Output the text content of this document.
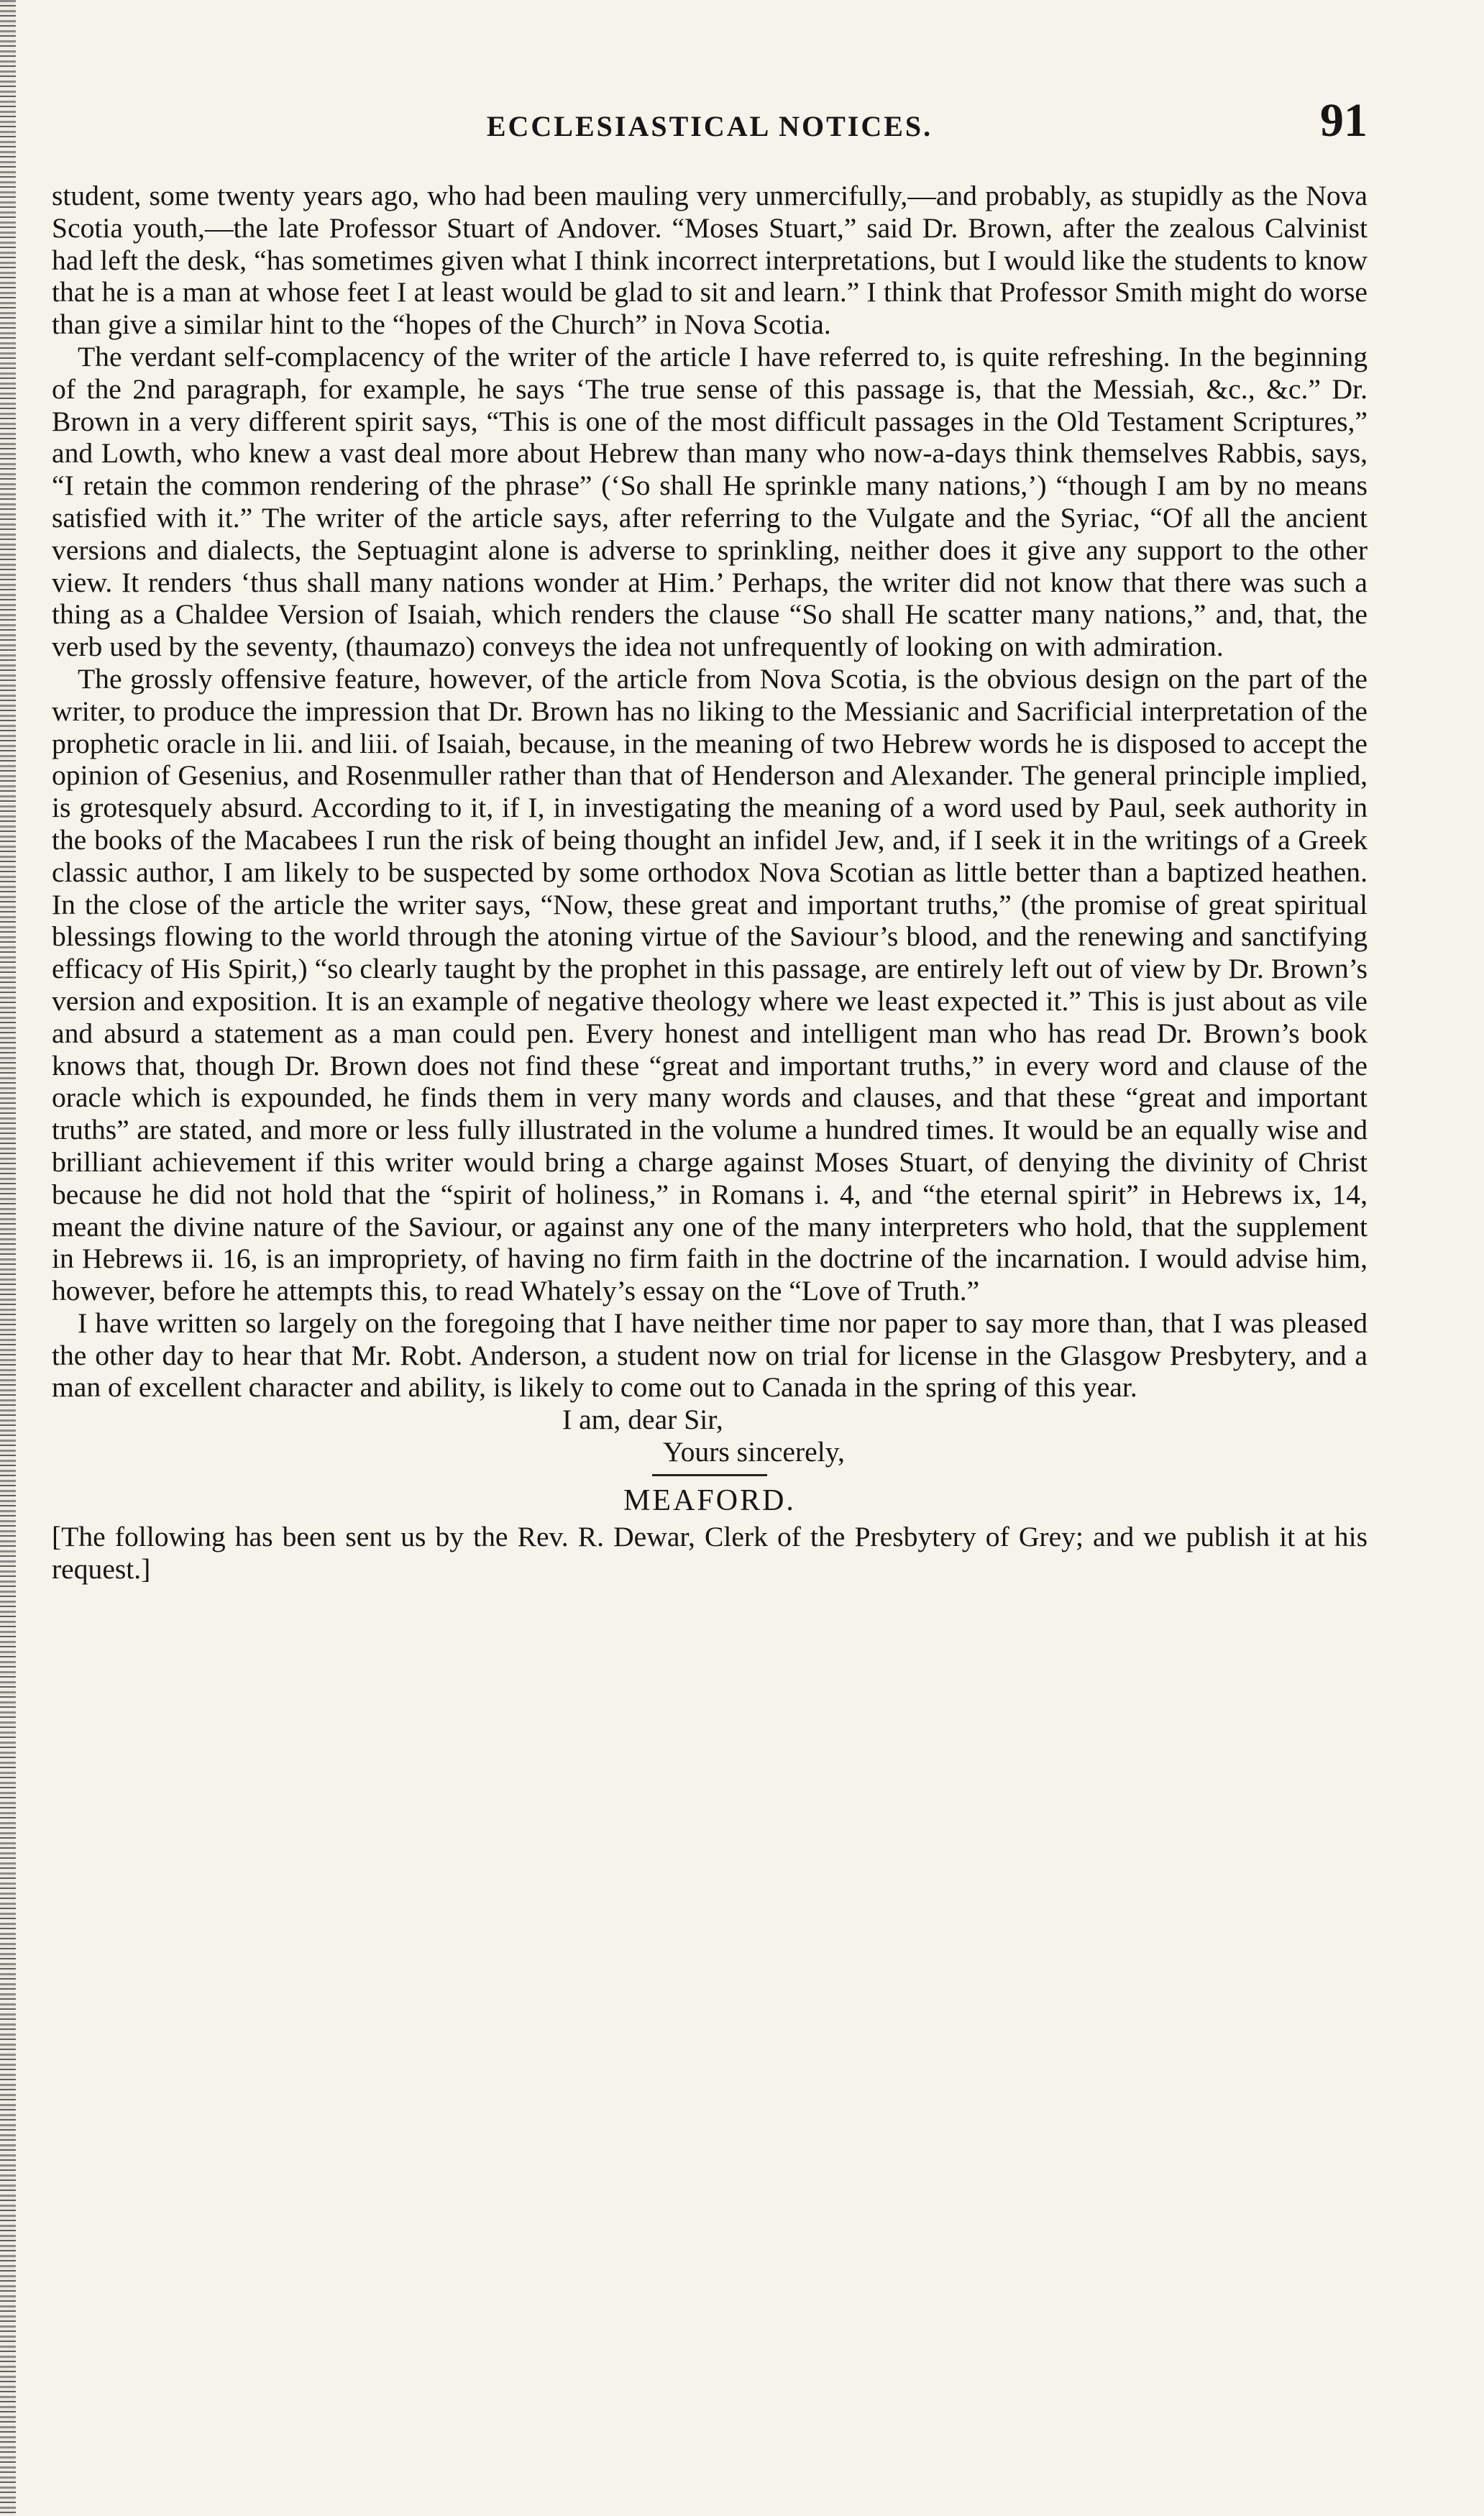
ECCLESIASTICAL NOTICES.	91

student, some twenty years ago, who had been mauling very unmercifully,—and probably, as stupidly as the Nova Scotia youth,—the late Professor Stuart of Andover. “Moses Stuart,” said Dr. Brown, after the zealous Calvinist had left the desk, “has sometimes given what I think incorrect interpretations, but I would like the students to know that he is a man at whose feet I at least would be glad to sit and learn.” I think that Professor Smith might do worse than give a similar hint to the “hopes of the Church” in Nova Scotia.

The verdant self-complacency of the writer of the article I have referred to, is quite refreshing. In the beginning of the 2nd paragraph, for example, he says ‘The true sense of this passage is, that the Messiah, &c., &c.” Dr. Brown in a very different spirit says, “This is one of the most difficult passages in the Old Testament Scriptures,” and Lowth, who knew a vast deal more about Hebrew than many who now-a-days think themselves Rabbis, says, “I retain the common rendering of the phrase” (‘So shall He sprinkle many nations,’) “though I am by no means satisfied with it.” The writer of the article says, after referring to the Vulgate and the Syriac, “Of all the ancient versions and dialects, the Septuagint alone is adverse to sprinkling, neither does it give any support to the other view. It renders ‘thus shall many nations wonder at Him.’ Perhaps, the writer did not know that there was such a thing as a Chaldee Version of Isaiah, which renders the clause “So shall He scatter many nations,” and, that, the verb used by the seventy, (thaumazo) conveys the idea not unfrequently of looking on with admiration.

The grossly offensive feature, however, of the article from Nova Scotia, is the obvious design on the part of the writer, to produce the impression that Dr. Brown has no liking to the Messianic and Sacrificial interpretation of the prophetic oracle in lii. and liii. of Isaiah, because, in the meaning of two Hebrew words he is disposed to accept the opinion of Gesenius, and Rosenmuller rather than that of Henderson and Alexander. The general principle implied, is grotesquely absurd. According to it, if I, in investigating the meaning of a word used by Paul, seek authority in the books of the Macabees I run the risk of being thought an infidel Jew, and, if I seek it in the writings of a Greek classic author, I am likely to be suspected by some orthodox Nova Scotian as little better than a baptized heathen. In the close of the article the writer says, “Now, these great and important truths,” (the promise of great spiritual blessings flowing to the world through the atoning virtue of the Saviour’s blood, and the renewing and sanctifying efficacy of His Spirit,) “so clearly taught by the prophet in this passage, are entirely left out of view by Dr. Brown’s version and exposition. It is an example of negative theology where we least expected it.” This is just about as vile and absurd a statement as a man could pen. Every honest and intelligent man who has read Dr. Brown’s book knows that, though Dr. Brown does not find these “great and important truths,” in every word and clause of the oracle which is expounded, he finds them in very many words and clauses, and that these “great and important truths” are stated, and more or less fully illustrated in the volume a hundred times. It would be an equally wise and brilliant achievement if this writer would bring a charge against Moses Stuart, of denying the divinity of Christ because he did not hold that the “spirit of holiness,” in Romans i. 4, and “the eternal spirit” in Hebrews ix, 14, meant the divine nature of the Saviour, or against any one of the many interpreters who hold, that the supplement in Hebrews ii. 16, is an impropriety, of having no firm faith in the doctrine of the incarnation. I would advise him, however, before he attempts this, to read Whately’s essay on the “Love of Truth.”

I have written so largely on the foregoing that I have neither time nor paper to say more than, that I was pleased the other day to hear that Mr. Robt. Anderson, a student now on trial for license in the Glasgow Presbytery, and a man of excellent character and ability, is likely to come out to Canada in the spring of this year.

I am, dear Sir,
Yours sincerely,
MEAFORD.

[The following has been sent us by the Rev. R. Dewar, Clerk of the Presbytery of Grey; and we publish it at his request.]
